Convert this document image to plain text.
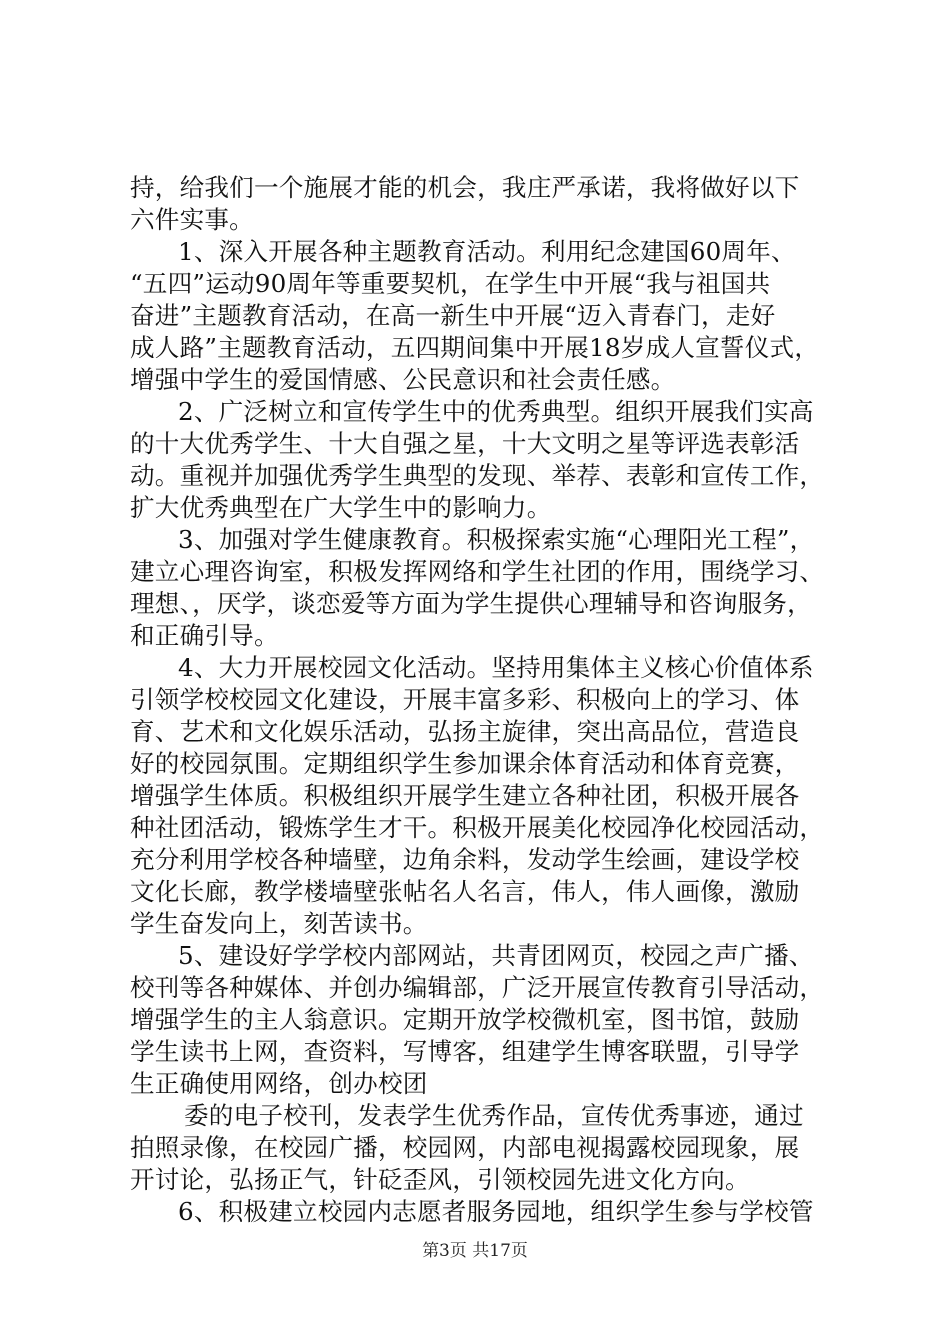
持，给我们一个施展才能的机会，我庄严承诺，我将做好以下
六件实事。
1、深入开展各种主题教育活动。利用纪念建国60周年、
“五四”运动90周年等重要契机，在学生中开展“我与祖国共
奋进”主题教育活动，在高一新生中开展“迈入青春门，走好
成人路”主题教育活动，五四期间集中开展18岁成人宣誓仪式，
增强中学生的爱国情感、公民意识和社会责任感。
2、广泛树立和宣传学生中的优秀典型。组织开展我们实高
的十大优秀学生、十大自强之星，十大文明之星等评选表彰活
动。重视并加强优秀学生典型的发现、举荐、表彰和宣传工作，
扩大优秀典型在广大学生中的影响力。
3、加强对学生健康教育。积极探索实施“心理阳光工程”，
建立心理咨询室，积极发挥网络和学生社团的作用，围绕学习、
理想、，厌学，谈恋爱等方面为学生提供心理辅导和咨询服务，
和正确引导。
4、大力开展校园文化活动。坚持用集体主义核心价值体系
引领学校校园文化建设，开展丰富多彩、积极向上的学习、体
育、艺术和文化娱乐活动，弘扬主旋律，突出高品位，营造良
好的校园氛围。定期组织学生参加课余体育活动和体育竞赛，
增强学生体质。积极组织开展学生建立各种社团，积极开展各
种社团活动，锻炼学生才干。积极开展美化校园净化校园活动，
充分利用学校各种墙壁，边角余料，发动学生绘画，建设学校
文化长廊，教学楼墙壁张帖名人名言，伟人，伟人画像，激励
学生奋发向上，刻苦读书。
5、建设好学学校内部网站，共青团网页，校园之声广播、
校刊等各种媒体、并创办编辑部，广泛开展宣传教育引导活动，
增强学生的主人翁意识。定期开放学校微机室，图书馆，鼓励
学生读书上网，查资料，写博客，组建学生博客联盟，引导学
生正确使用网络，创办校团
委的电子校刊，发表学生优秀作品，宣传优秀事迹，通过
拍照录像，在校园广播，校园网，内部电视揭露校园现象，展
开讨论，弘扬正气，针砭歪风，引领校园先进文化方向。
6、积极建立校园内志愿者服务园地，组织学生参与学校管
第3页 共17页
